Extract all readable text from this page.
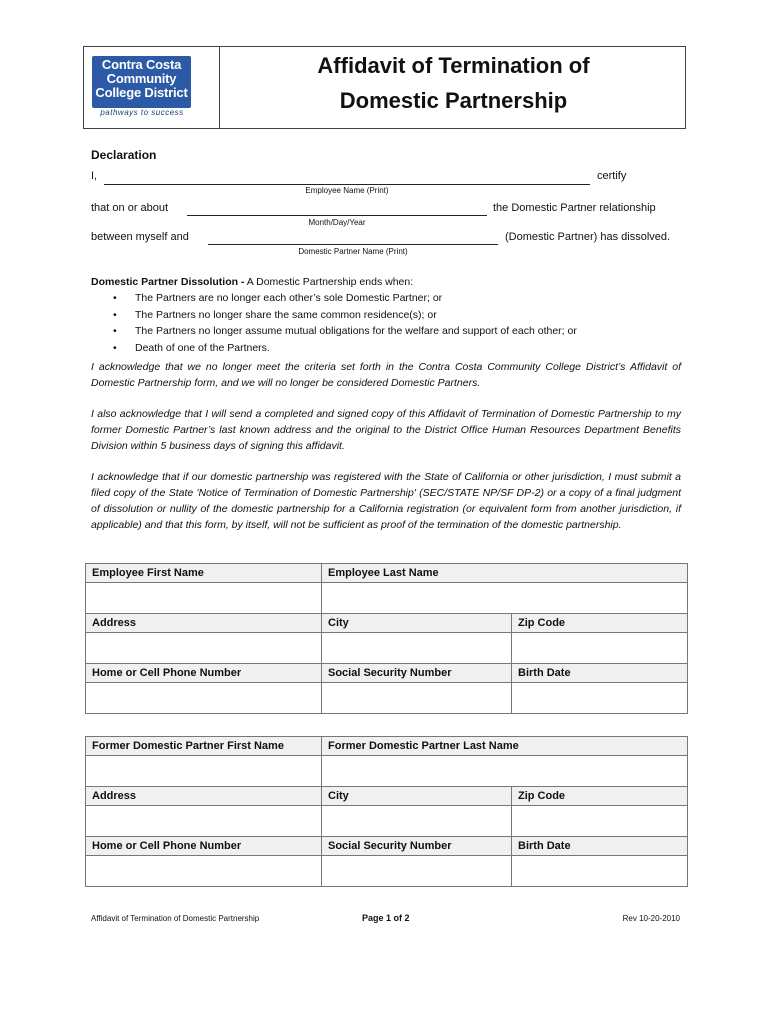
Contra Costa
Community
College District
pathways to success
Affidavit of Termination of
Domestic Partnership
Declaration
I,	certify
Employee Name (Print)
that on or about	the Domestic Partner relationship
Month/Day/Year
between myself and	(Domestic Partner) has dissolved.
Domestic Partner Name (Print)
Domestic Partner Dissolution - A Domestic Partnership ends when:
• The Partners are no longer each other’s sole Domestic Partner; or
• The Partners no longer share the same common residence(s); or
• The Partners no longer assume mutual obligations for the welfare and support of each other; or
• Death of one of the Partners.
I acknowledge that we no longer meet the criteria set forth in the Contra Costa Community College District’s Affidavit of Domestic Partnership form, and we will no longer be considered Domestic Partners.
I also acknowledge that I will send a completed and signed copy of this Affidavit of Termination of Domestic Partnership to my former Domestic Partner’s last known address and the original to the District Office Human Resources Department Benefits Division within 5 business days of signing this affidavit.
I acknowledge that if our domestic partnership was registered with the State of California or other jurisdiction, I must submit a filed copy of the State 'Notice of Termination of Domestic Partnership' (SEC/STATE NP/SF DP-2) or a copy of a final judgment of dissolution or nullity of the domestic partnership for a California registration (or equivalent form from another jurisdiction, if applicable) and that this form, by itself, will not be sufficient as proof of the termination of the domestic partnership.
Employee First Name	Employee Last Name	

Address	City	Zip Code

Home or Cell Phone Number	Social Security Number	Birth Date

Former Domestic Partner First Name	Former Domestic Partner Last Name	

Address	City	Zip Code

Home or Cell Phone Number	Social Security Number	Birth Date

Affidavit of Termination of Domestic Partnership	Page 1 of 2	Rev 10-20-2010
